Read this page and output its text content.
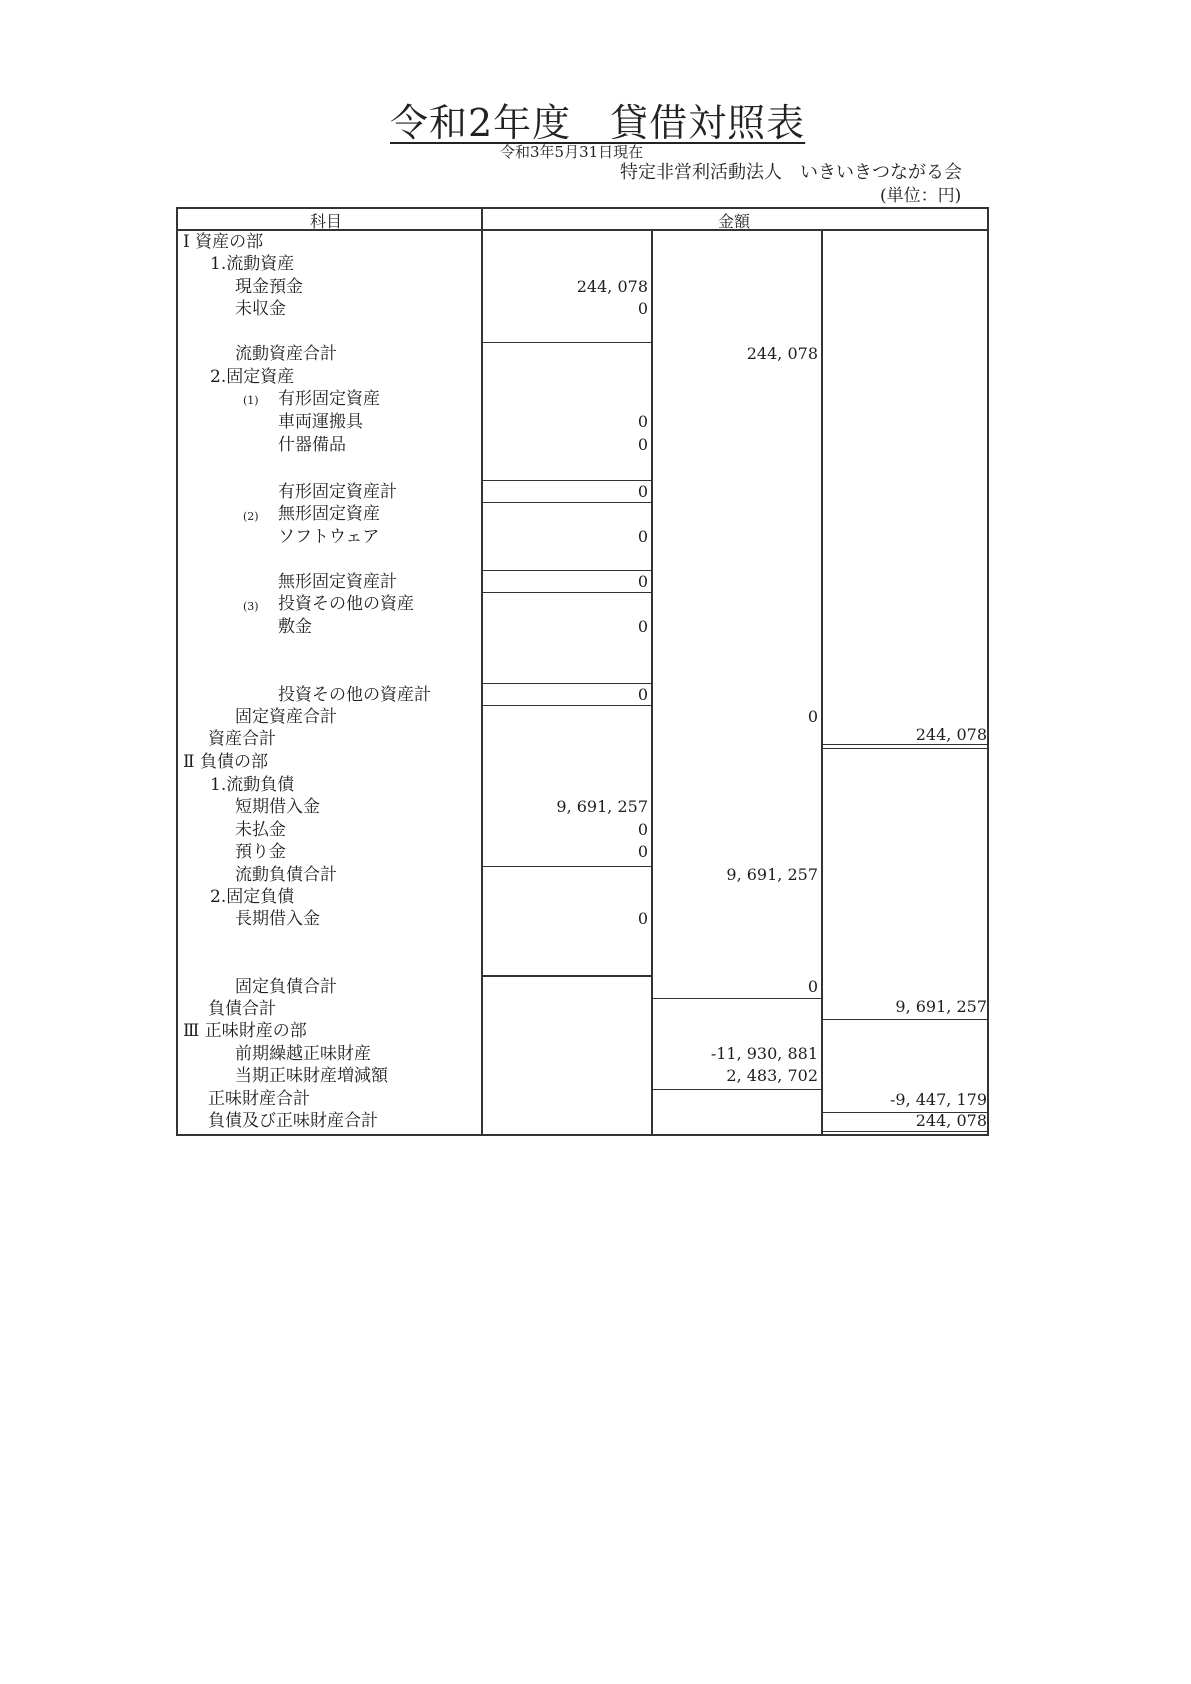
令和2年度　貸借対照表
令和3年5月31日現在
特定非営利活動法人　いきいきつながる会
(単位：円)
科目	金額
Ⅰ 資産の部
1.流動資産
現金預金
未収金
流動資産合計
2.固定資産
(1) 有形固定資産
車両運搬具
什器備品
有形固定資産計
(2) 無形固定資産
ソフトウェア
無形固定資産計
(3) 投資その他の資産
敷金
投資その他の資産計
固定資産合計
資産合計
Ⅱ 負債の部
1.流動負債
短期借入金
未払金
預り金
流動負債合計
2.固定負債
長期借入金
固定負債合計
負債合計
Ⅲ 正味財産の部
前期繰越正味財産
当期正味財産増減額
正味財産合計
負債及び正味財産合計
244, 078
0
0
0
0
0
0
0
0
9, 691, 257
0
0
0
244, 078
0
9, 691, 257
0
-11, 930, 881
2, 483, 702
244, 078
9, 691, 257
-9, 447, 179
244, 078
